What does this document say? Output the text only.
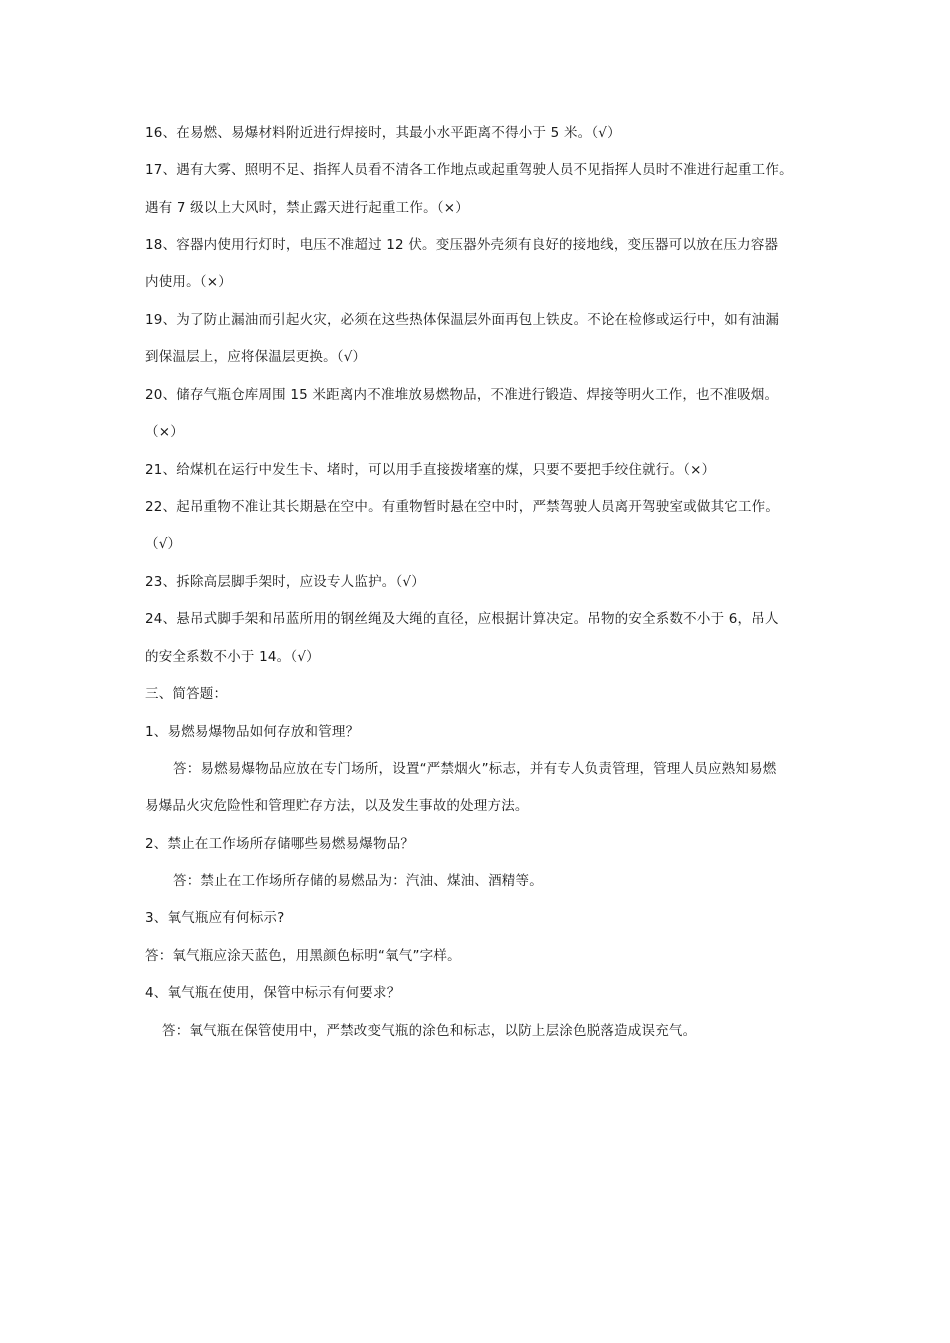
16、在易燃、易爆材料附近进行焊接时，其最小水平距离不得小于 5 米。（√）
17、遇有大雾、照明不足、指挥人员看不清各工作地点或起重驾驶人员不见指挥人员时不准进行起重工作。
遇有 7 级以上大风时，禁止露天进行起重工作。（×）
18、容器内使用行灯时，电压不准超过 12 伏。变压器外壳须有良好的接地线，变压器可以放在压力容器
内使用。（×）
19、为了防止漏油而引起火灾，必须在这些热体保温层外面再包上铁皮。不论在检修或运行中，如有油漏
到保温层上，应将保温层更换。（√）
20、储存气瓶仓库周围 15 米距离内不准堆放易燃物品，不准进行锻造、焊接等明火工作，也不准吸烟。
（×）
21、给煤机在运行中发生卡、堵时，可以用手直接拨堵塞的煤，只要不要把手绞住就行。（×）
22、起吊重物不准让其长期悬在空中。有重物暂时悬在空中时，严禁驾驶人员离开驾驶室或做其它工作。
（√）
23、拆除高层脚手架时，应设专人监护。（√）
24、悬吊式脚手架和吊蓝所用的钢丝绳及大绳的直径，应根据计算决定。吊物的安全系数不小于 6，吊人
的安全系数不小于 14。（√）
三、简答题：
1、易燃易爆物品如何存放和管理？
答：易燃易爆物品应放在专门场所，设置“严禁烟火”标志，并有专人负责管理，管理人员应熟知易燃
易爆品火灾危险性和管理贮存方法，以及发生事故的处理方法。
2、禁止在工作场所存储哪些易燃易爆物品？
答：禁止在工作场所存储的易燃品为：汽油、煤油、酒精等。
3、氧气瓶应有何标示?
答：氧气瓶应涂天蓝色，用黑颜色标明“氧气”字样。
4、氧气瓶在使用，保管中标示有何要求？
答：氧气瓶在保管使用中，严禁改变气瓶的涂色和标志，以防上层涂色脱落造成误充气。
